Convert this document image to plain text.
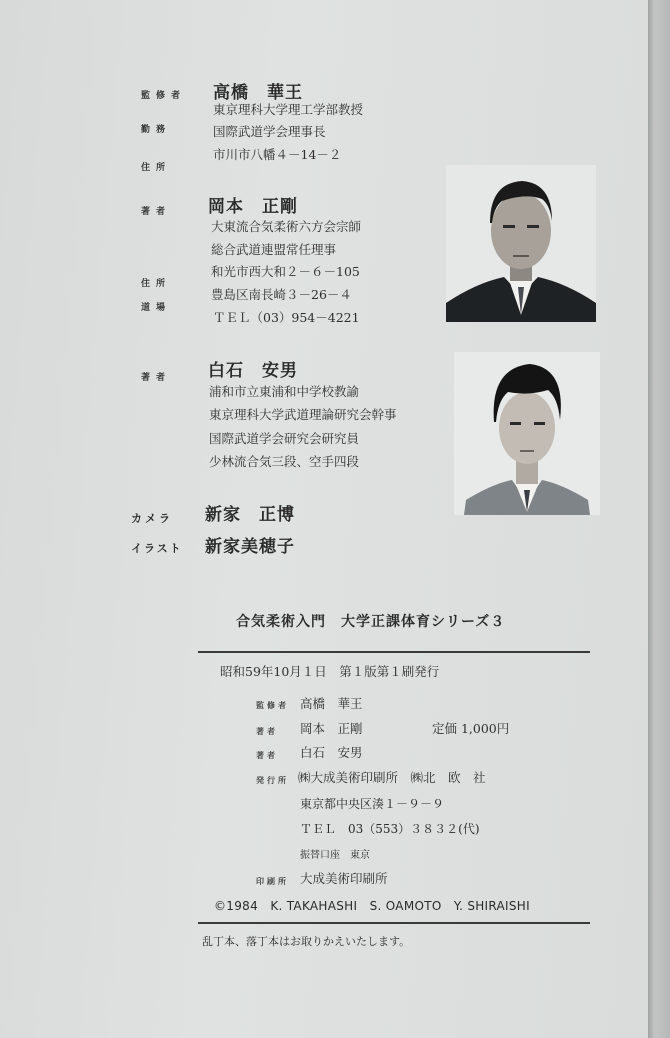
監修者 高橋　華王
勤務
東京理科大学理工学部教授
国際武道学会理事長
住所
市川市八幡４－14－２
著者 岡本　正剛
大東流合気柔術六方会宗師
総合武道連盟常任理事
住所
和光市西大和２－６－105
道場
豊島区南長崎３－26－４
ＴＥＬ（03）954－4221
著者 白石　安男
浦和市立東浦和中学校教諭
東京理科大学武道理論研究会幹事
国際武道学会研究会研究員
少林流合気三段、空手四段
カメラ 新家　正博
イラスト 新家美穂子
合気柔術入門　大学正課体育シリーズ３
昭和59年10月１日　第１版第１刷発行
監修者 高橋　華王
著者 岡本　正剛	定価 1,000円
著者 白石　安男
発行所 ㈱大成美術印刷所　㈱北　欧　社
東京都中央区湊１－９－９
ＴＥＬ　03（553）３８３２(代)
振替口座　東京
印刷所 大成美術印刷所
©1984　K. TAKAHASHI　S. OAMOTO　Y. SHIRAISHI
乱丁本、落丁本はお取りかえいたします。
